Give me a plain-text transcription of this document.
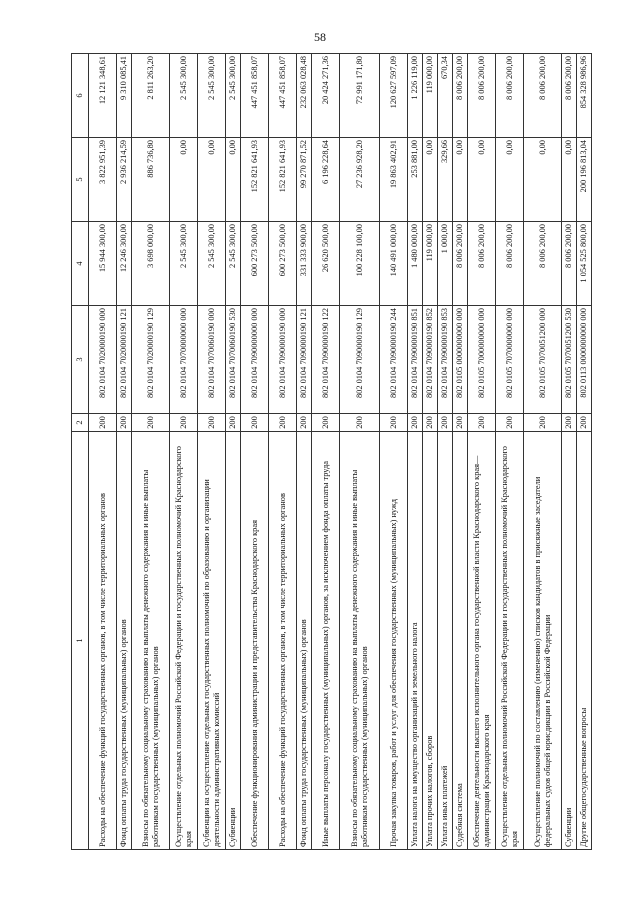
58
1	2	3	4	5	6
Расходы на обеспечение функций государственных органов, в том числе территориальных органов	200	802 0104 7020000190 000	15 944 300,00	3 822 951,39	12 121 348,61
Фонд оплаты труда государственных (муниципальных) органов	200	802 0104 7020000190 121	12 246 300,00	2 936 214,59	9 310 085,41
Взносы по обязательному социальному страхованию на выплаты денежного содержания и иные выплаты работникам государственных (муниципальных) органов	200	802 0104 7020000190 129	3 698 000,00	886 736,80	2 811 263,20
Осуществление отдельных полномочий Российской Федерации и государственных полномочий Краснодарского края	200	802 0104 7070000000 000	2 545 300,00	0,00	2 545 300,00
Субвенции на осуществление отдельных государственных полномочий по образованию и организации деятельности административных комиссий	200	802 0104 7070060190 000	2 545 300,00	0,00	2 545 300,00
Субвенции	200	802 0104 7070060190 530	2 545 300,00	0,00	2 545 300,00
Обеспечение функционирования администрации и представительства Краснодарского края	200	802 0104 7090000000 000	600 273 500,00	152 821 641,93	447 451 858,07
Расходы на обеспечение функций государственных органов, в том числе территориальных органов	200	802 0104 7090000190 000	600 273 500,00	152 821 641,93	447 451 858,07
Фонд оплаты труда государственных (муниципальных) органов	200	802 0104 7090000190 121	331 333 900,00	99 270 871,52	232 063 028,48
Иные выплаты персоналу государственных (муниципальных) органов, за исключением фонда оплаты труда	200	802 0104 7090000190 122	26 620 500,00	6 196 228,64	20 424 271,36
Взносы по обязательному социальному страхованию на выплаты денежного содержания и иные выплаты работникам государственных (муниципальных) органов	200	802 0104 7090000190 129	100 228 100,00	27 236 928,20	72 991 171,80
Прочая закупка товаров, работ и услуг для обеспечения государственных (муниципальных) нужд	200	802 0104 7090000190 244	140 491 000,00	19 863 402,91	120 627 597,09
Уплата налога на имущество организаций и земельного налога	200	802 0104 7090000190 851	1 480 000,00	253 881,00	1 226 119,00
Уплата прочих налогов, сборов	200	802 0104 7090000190 852	119 000,00	0,00	119 000,00
Уплата иных платежей	200	802 0104 7090000190 853	1 000,00	329,66	670,34
Судебная система	200	802 0105 0000000000 000	8 006 200,00	0,00	8 006 200,00
Обеспечение деятельности высшего исполнительного органа государственной власти Краснодарского края—администрации Краснодарского края	200	802 0105 7000000000 000	8 006 200,00	0,00	8 006 200,00
Осуществление отдельных полномочий Российской Федерации и государственных полномочий Краснодарского края	200	802 0105 7070000000 000	8 006 200,00	0,00	8 006 200,00
Осуществление полномочий по составлению (изменению) списков кандидатов в присяжные заседатели федеральных судов общей юрисдикции в Российской Федерации	200	802 0105 7070051200 000	8 006 200,00	0,00	8 006 200,00
Субвенции	200	802 0105 7070051200 530	8 006 200,00	0,00	8 006 200,00
Другие общегосударственные вопросы	200	802 0113 0000000000 000	1 054 525 800,00	200 196 813,04	854 328 986,96
